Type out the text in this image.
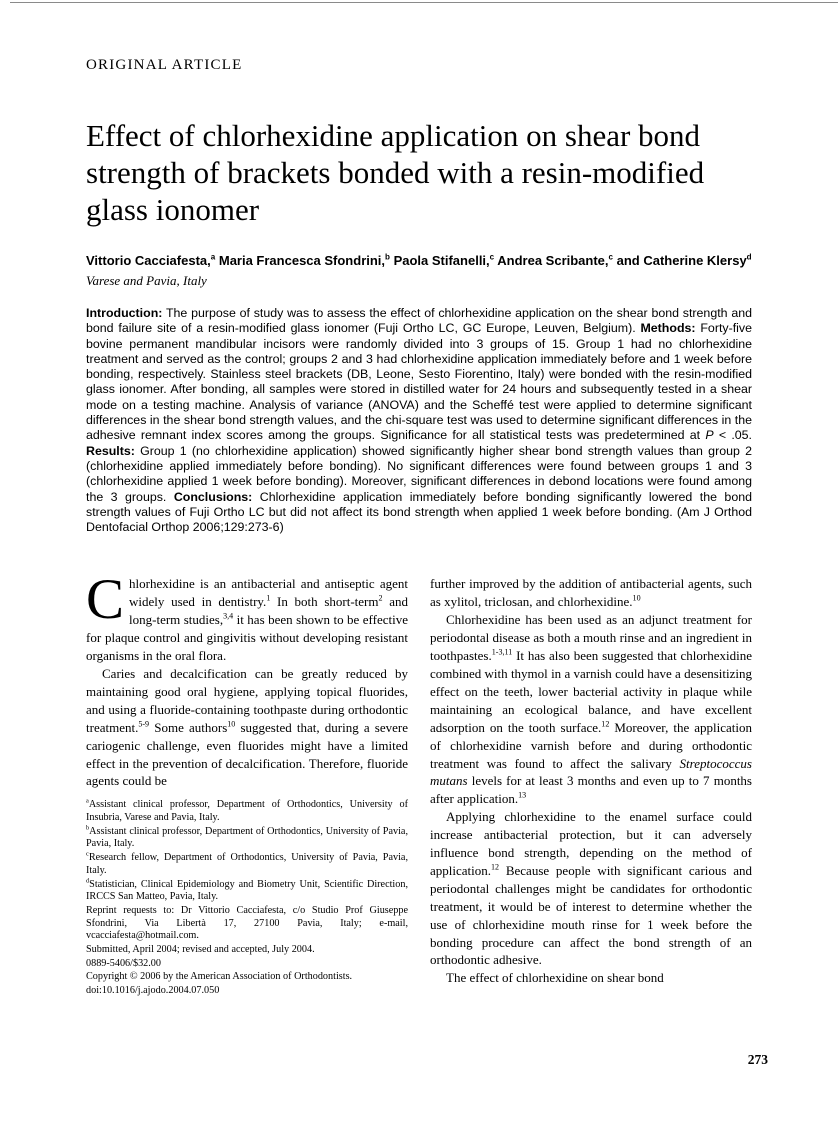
ORIGINAL ARTICLE
Effect of chlorhexidine application on shear bond strength of brackets bonded with a resin-modified glass ionomer

Vittorio Cacciafesta,$^a$ Maria Francesca Sfondrini,$^b$ Paola Stifanelli,$^c$ Andrea Scribante,$^c$ and Catherine Klersy$^d$

Varese and Pavia, Italy

Introduction: The purpose of study was to assess the effect of chlorhexidine application on the shear bond strength and bond failure site of a resin-modified glass ionomer (Fuji Ortho LC, GC Europe, Leuven, Belgium). Methods: Forty-five bovine permanent mandibular incisors were randomly divided into 3 groups of 15. Group 1 had no chlorhexidine treatment and served as the control; groups 2 and 3 had chlorhexidine application immediately before and 1 week before bonding, respectively. Stainless steel brackets (DB, Leone, Sesto Fiorentino, Italy) were bonded with the resin-modified glass ionomer. After bonding, all samples were stored in distilled water for 24 hours and subsequently tested in a shear mode on a testing machine. Analysis of variance (ANOVA) and the Scheffé test were applied to determine significant differences in the shear bond strength values, and the chi-square test was used to determine significant differences in the adhesive remnant index scores among the groups. Significance for all statistical tests was predetermined at P < .05. Results: Group 1 (no chlorhexidine application) showed significantly higher shear bond strength values than group 2 (chlorhexidine applied immediately before bonding). No significant differences were found between groups 1 and 3 (chlorhexidine applied 1 week before bonding). Moreover, significant differences in debond locations were found among the 3 groups. Conclusions: Chlorhexidine application immediately before bonding significantly lowered the bond strength values of Fuji Ortho LC but did not affect its bond strength when applied 1 week before bonding. (Am J Orthod Dentofacial Orthop 2006;129:273-6)

Chlorhexidine is an antibacterial and antiseptic agent widely used in dentistry.$^1$ In both short-term$^2$ and long-term studies,$^{3,4}$ it has been shown to be effective for plaque control and gingivitis without developing resistant organisms in the oral flora.

Caries and decalcification can be greatly reduced by maintaining good oral hygiene, applying topical fluorides, and using a fluoride-containing toothpaste during orthodontic treatment.$^{5-9}$ Some authors$^{10}$ suggested that, during a severe cariogenic challenge, even fluorides might have a limited effect in the prevention of decalcification. Therefore, fluoride agents could be

$^a$Assistant clinical professor, Department of Orthodontics, University of Insubria, Varese and Pavia, Italy.

$^b$Assistant clinical professor, Department of Orthodontics, University of Pavia, Pavia, Italy.

$^c$Research fellow, Department of Orthodontics, University of Pavia, Pavia, Italy.

$^d$Statistician, Clinical Epidemiology and Biometry Unit, Scientific Direction, IRCCS San Matteo, Pavia, Italy.

Reprint requests to: Dr Vittorio Cacciafesta, c/o Studio Prof Giuseppe Sfondrini, Via Libertà 17, 27100 Pavia, Italy; e-mail, vcacciafesta@hotmail.com.

Submitted, April 2004; revised and accepted, July 2004.

0889-5406/$32.00

Copyright © 2006 by the American Association of Orthodontists.

doi:10.1016/j.ajodo.2004.07.050

further improved by the addition of antibacterial agents, such as xylitol, triclosan, and chlorhexidine.$^{10}$

Chlorhexidine has been used as an adjunct treatment for periodontal disease as both a mouth rinse and an ingredient in toothpastes.$^{1-3,11}$ It has also been suggested that chlorhexidine combined with thymol in a varnish could have a desensitizing effect on the teeth, lower bacterial activity in plaque while maintaining an ecological balance, and have excellent adsorption on the tooth surface.$^{12}$ Moreover, the application of chlorhexidine varnish before and during orthodontic treatment was found to affect the salivary Streptococcus mutans levels for at least 3 months and even up to 7 months after application.$^{13}$

Applying chlorhexidine to the enamel surface could increase antibacterial protection, but it can adversely influence bond strength, depending on the method of application.$^{12}$ Because people with significant carious and periodontal challenges might be candidates for orthodontic treatment, it would be of interest to determine whether the use of chlorhexidine mouth rinse for 1 week before the bonding procedure can affect the bond strength of an orthodontic adhesive.

The effect of chlorhexidine on shear bond

273
